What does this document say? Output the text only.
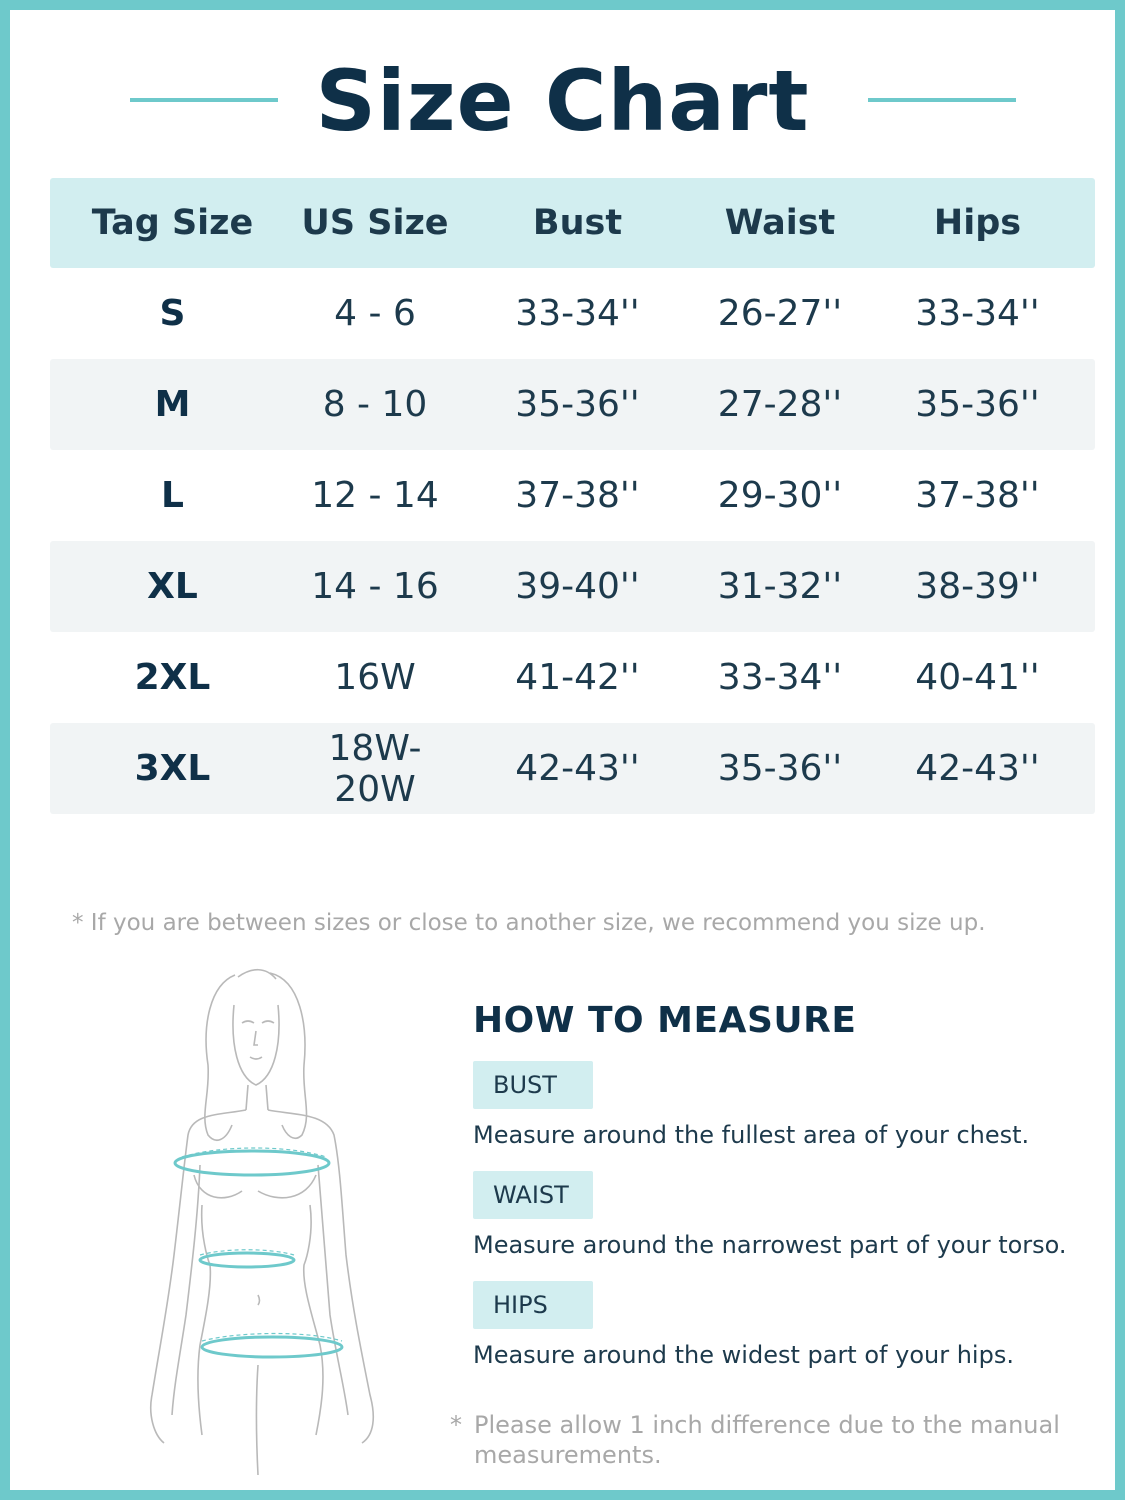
Size Chart
Tag Size	US Size	Bust	Waist	Hips
S	4 - 6	33-34''	26-27''	33-34''
M	8 - 10	35-36''	27-28''	35-36''
L	12 - 14	37-38''	29-30''	37-38''
XL	14 - 16	39-40''	31-32''	38-39''
2XL	16W	41-42''	33-34''	40-41''
3XL	18W-20W	42-43''	35-36''	42-43''
* If you are between sizes or close to another size, we recommend you size up.
HOW TO MEASURE
BUST
Measure around the fullest area of your chest.
WAIST
Measure around the narrowest part of your torso.
HIPS
Measure around the widest part of your hips.
* Please allow 1 inch difference due to the manual measurements.
